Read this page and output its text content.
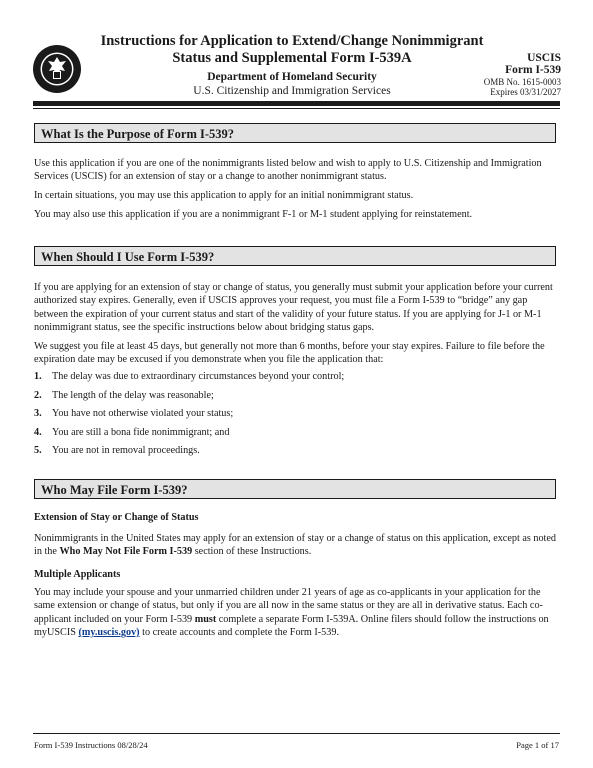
Instructions for Application to Extend/Change Nonimmigrant
Status and Supplemental Form I-539A
Department of Homeland Security
U.S. Citizenship and Immigration Services
USCIS
Form I-539
OMB No. 1615-0003
Expires 03/31/2027
What Is the Purpose of Form I-539?
Use this application if you are one of the nonimmigrants listed below and wish to apply to U.S. Citizenship and Immigration Services (USCIS) for an extension of stay or a change to another nonimmigrant status.
In certain situations, you may use this application to apply for an initial nonimmigrant status.
You may also use this application if you are a nonimmigrant F-1 or M-1 student applying for reinstatement.
When Should I Use Form I-539?
If you are applying for an extension of stay or change of status, you generally must submit your application before your current authorized stay expires. Generally, even if USCIS approves your request, you must file a Form I-539 to “bridge” any gap between the expiration of your current status and start of the validity of your future status. If you are applying for J-1 or M-1 nonimmigrant status, see the specific instructions below about bridging status gaps.
We suggest you file at least 45 days, but generally not more than 6 months, before your stay expires. Failure to file before the expiration date may be excused if you demonstrate when you file the application that:
1. The delay was due to extraordinary circumstances beyond your control;
2. The length of the delay was reasonable;
3. You have not otherwise violated your status;
4. You are still a bona fide nonimmigrant; and
5. You are not in removal proceedings.
Who May File Form I-539?
Extension of Stay or Change of Status
Nonimmigrants in the United States may apply for an extension of stay or a change of status on this application, except as noted in the Who May Not File Form I-539 section of these Instructions.
Multiple Applicants
You may include your spouse and your unmarried children under 21 years of age as co-applicants in your application for the same extension or change of status, but only if you are all now in the same status or they are all in derivative status. Each co-applicant included on your Form I-539 must complete a separate Form I-539A. Online filers should follow the instructions on myUSCIS (my.uscis.gov) to create accounts and complete the Form I-539.
Form I-539 Instructions 08/28/24	Page 1 of 17
